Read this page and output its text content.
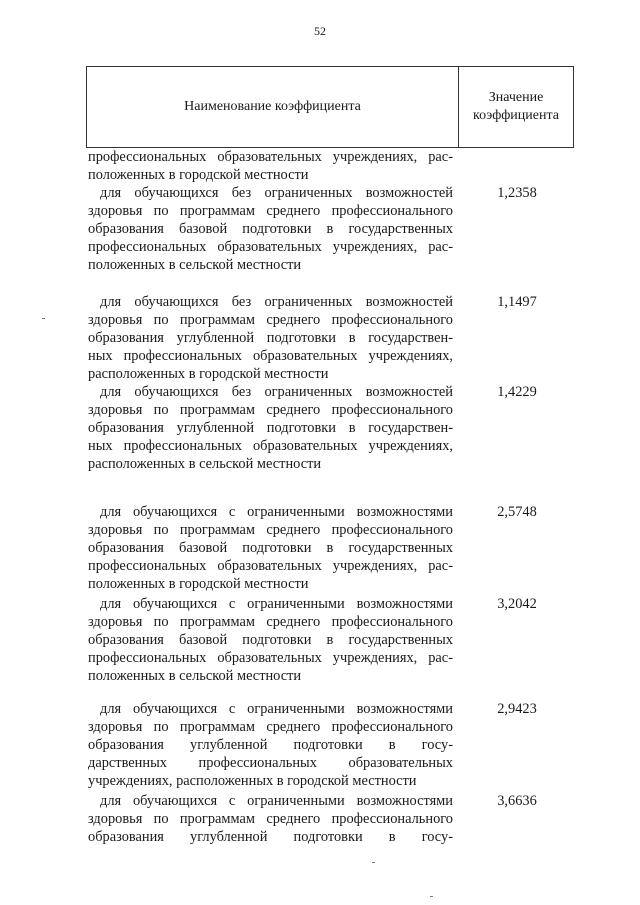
52
Наименование коэффициента
Значение
коэффициента
профессиональных образовательных учреждениях, рас-
положенных в городской местности
для обучающихся без ограниченных возможностей
здоровья по программам среднего профессионального
образования базовой подготовки в государственных
профессиональных образовательных учреждениях, рас-
положенных в сельской местности
1,2358
для обучающихся без ограниченных возможностей
здоровья по программам среднего профессионального
образования углубленной подготовки в государствен-
ных профессиональных образовательных учреждениях,
расположенных в городской местности
1,1497
для обучающихся без ограниченных возможностей
здоровья по программам среднего профессионального
образования углубленной подготовки в государствен-
ных профессиональных образовательных учреждениях,
расположенных в сельской местности
1,4229
для обучающихся с ограниченными возможностями
здоровья по программам среднего профессионального
образования базовой подготовки в государственных
профессиональных образовательных учреждениях, рас-
положенных в городской местности
2,5748
для обучающихся с ограниченными возможностями
здоровья по программам среднего профессионального
образования базовой подготовки в государственных
профессиональных образовательных учреждениях, рас-
положенных в сельской местности
3,2042
для обучающихся с ограниченными возможностями
здоровья по программам среднего профессионального
образования углубленной подготовки в госу-
дарственных профессиональных образовательных
учреждениях, расположенных в городской местности
2,9423
для обучающихся с ограниченными возможностями
здоровья по программам среднего профессионального
образования углубленной подготовки в госу-
3,6636
